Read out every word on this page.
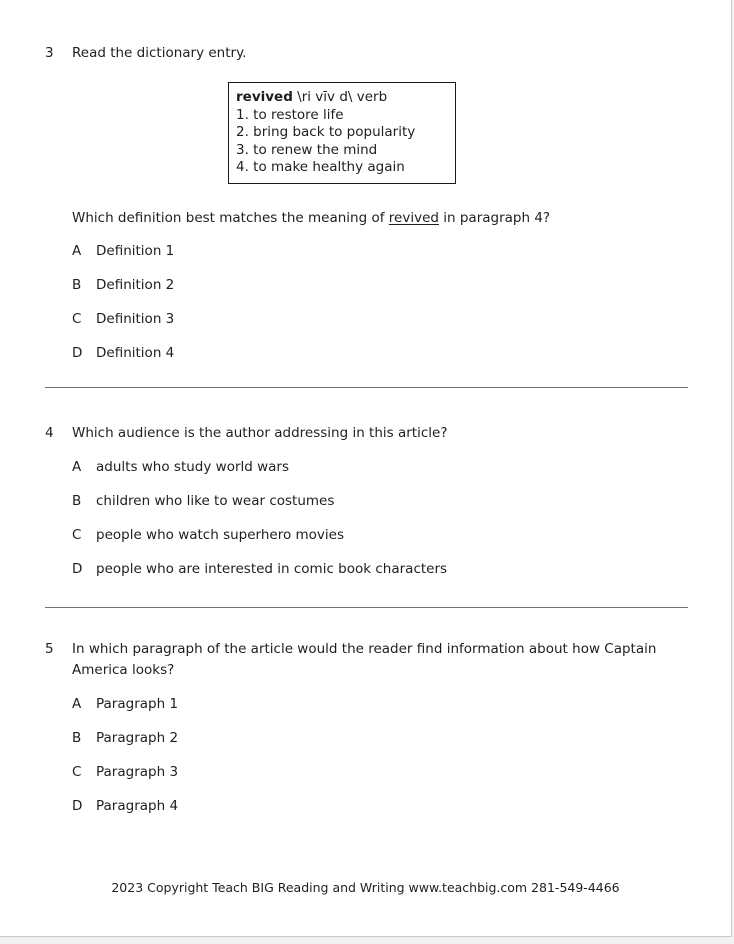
3	Read the dictionary entry.
revived \ri vīv d\ verb
1. to restore life
2. bring back to popularity
3. to renew the mind
4. to make healthy again
Which definition best matches the meaning of revived in paragraph 4?
A	Definition 1
B	Definition 2
C	Definition 3
D	Definition 4
4	Which audience is the author addressing in this article?
A	adults who study world wars
B	children who like to wear costumes
C	people who watch superhero movies
D	people who are interested in comic book characters
5	In which paragraph of the article would the reader find information about how Captain America looks?
A	Paragraph 1
B	Paragraph 2
C	Paragraph 3
D	Paragraph 4
2023 Copyright Teach BIG Reading and Writing www.teachbig.com 281-549-4466
